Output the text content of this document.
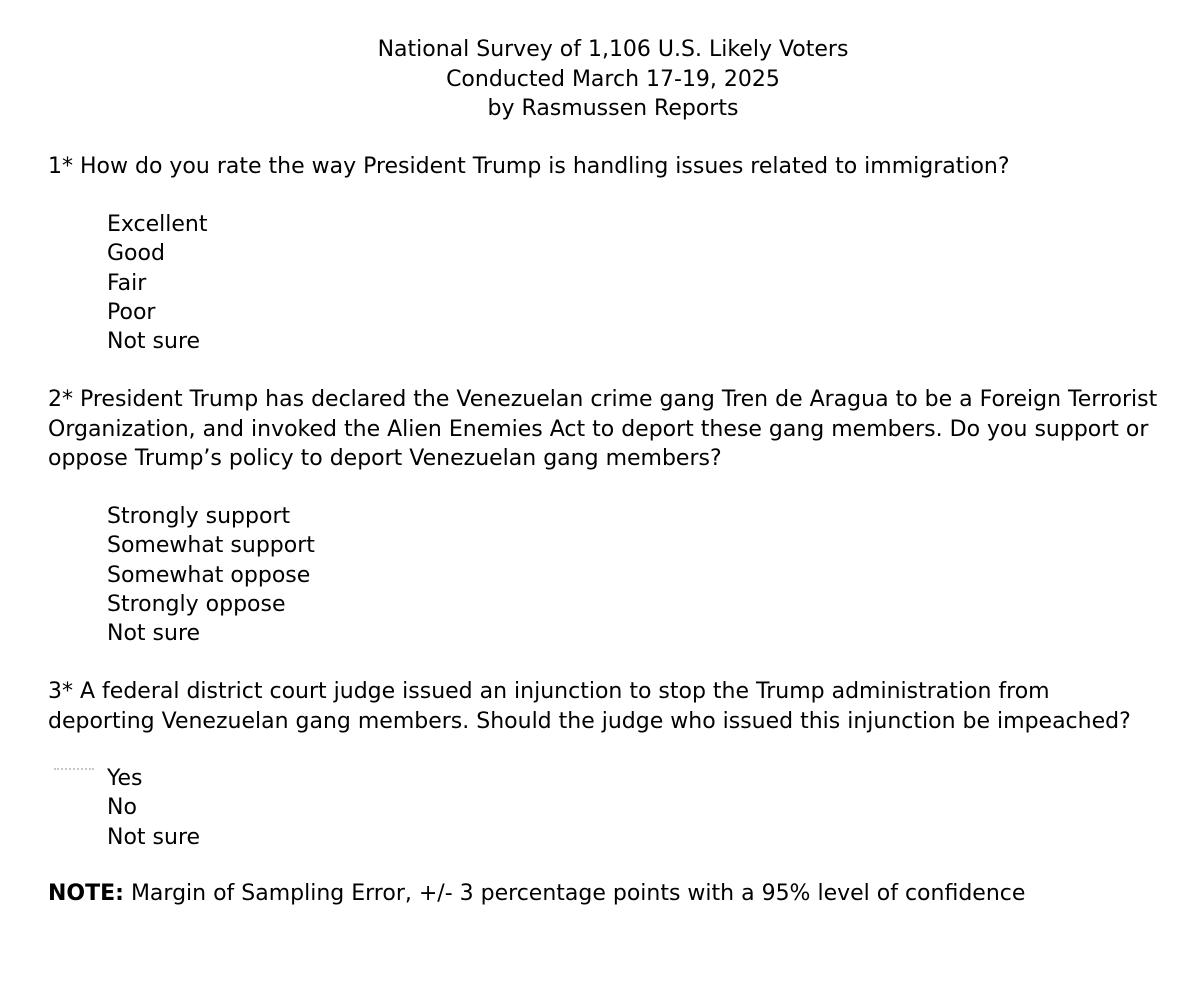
National Survey of 1,106 U.S. Likely Voters
Conducted March 17-19, 2025
by Rasmussen Reports
1* How do you rate the way President Trump is handling issues related to immigration?
Excellent
Good
Fair
Poor
Not sure
2* President Trump has declared the Venezuelan crime gang Tren de Aragua to be a Foreign Terrorist Organization, and invoked the Alien Enemies Act to deport these gang members. Do you support or oppose Trump’s policy to deport Venezuelan gang members?
Strongly support
Somewhat support
Somewhat oppose
Strongly oppose
Not sure
3* A federal district court judge issued an injunction to stop the Trump administration from deporting Venezuelan gang members. Should the judge who issued this injunction be impeached?
Yes
No
Not sure
NOTE: Margin of Sampling Error, +/- 3 percentage points with a 95% level of confidence
